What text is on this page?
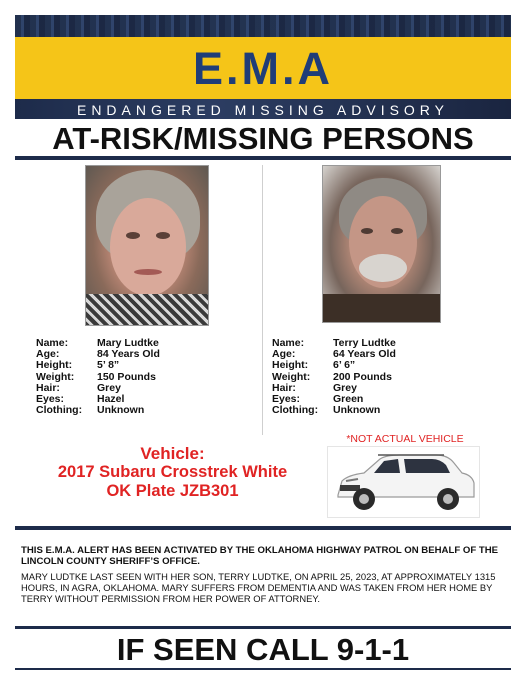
E.M.A
ENDANGERED MISSING ADVISORY
AT-RISK/MISSING PERSONS
Name:	Mary Ludtke
Age:	84 Years Old
Height:	5’ 8”
Weight:	150 Pounds
Hair:	Grey
Eyes:	Hazel
Clothing:	Unknown
Name:	Terry Ludtke
Age:	64 Years Old
Height:	6’ 6”
Weight:	200 Pounds
Hair:	Grey
Eyes:	Green
Clothing:	Unknown
Vehicle:
2017 Subaru Crosstrek White
OK Plate JZB301
*NOT ACTUAL VEHICLE
THIS E.M.A. ALERT HAS BEEN ACTIVATED BY THE OKLAHOMA HIGHWAY PATROL ON BEHALF OF THE LINCOLN COUNTY SHERIFF’S OFFICE.
MARY LUDTKE LAST SEEN WITH HER SON, TERRY LUDTKE, ON APRIL 25, 2023, AT APPROXIMATELY 1315 HOURS, IN AGRA, OKLAHOMA. MARY SUFFERS FROM DEMENTIA AND WAS TAKEN FROM HER HOME BY TERRY WITHOUT PERMISSION FROM HER POWER OF ATTORNEY.
IF SEEN CALL 9-1-1
